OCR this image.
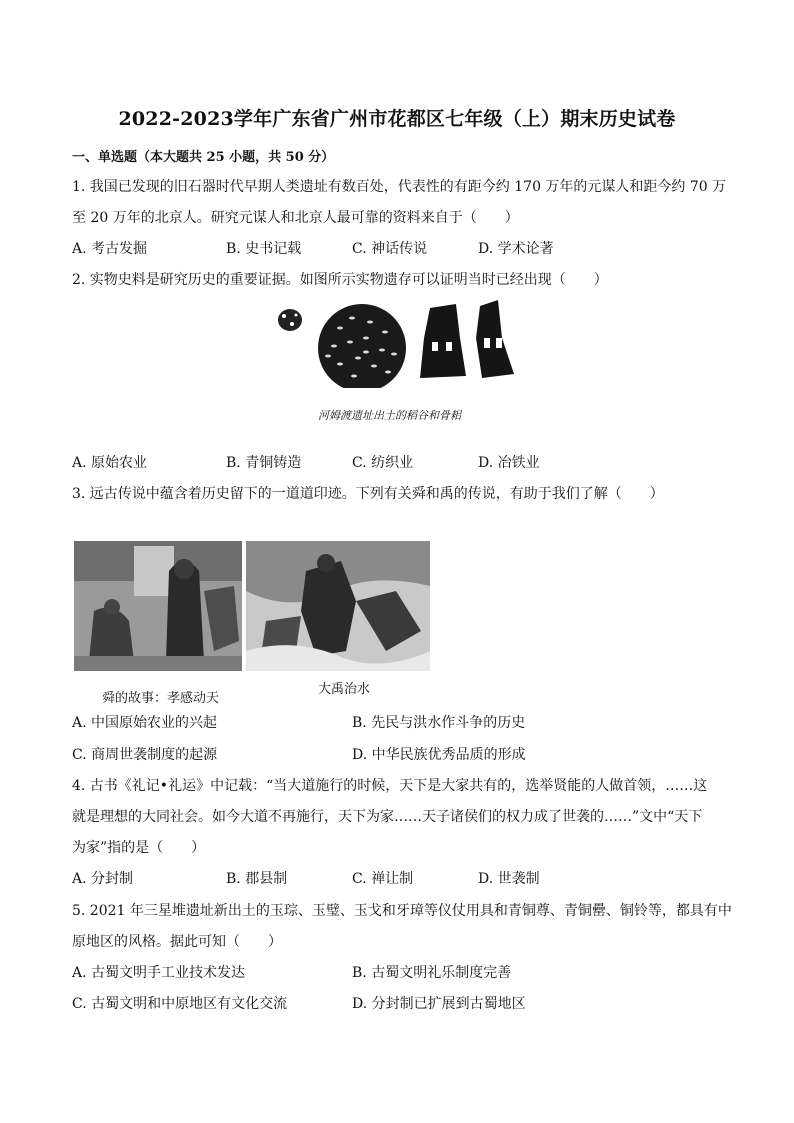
2022-2023学年广东省广州市花都区七年级（上）期末历史试卷
一、单选题（本大题共 25 小题，共 50 分）
1. 我国已发现的旧石器时代早期人类遗址有数百处，代表性的有距今约 170 万年的元谋人和距今约 70 万
至 20 万年的北京人。研究元谋人和北京人最可靠的资料来自于（　　）
A. 考古发掘	B. 史书记载	C. 神话传说	D. 学术论著
2. 实物史料是研究历史的重要证据。如图所示实物遗存可以证明当时已经出现（　　）
河姆渡遗址出土的稻谷和骨耜
A. 原始农业	B. 青铜铸造	C. 纺织业	D. 冶铁业
3. 远古传说中蕴含着历史留下的一道道印迹。下列有关舜和禹的传说，有助于我们了解（　　）
舜的故事：孝感动天
大禹治水
A. 中国原始农业的兴起	B. 先民与洪水作斗争的历史
C. 商周世袭制度的起源	D. 中华民族优秀品质的形成
4. 古书《礼记•礼运》中记载：“当大道施行的时候，天下是大家共有的，选举贤能的人做首领，……这
就是理想的大同社会。如今大道不再施行，天下为家……天子诸侯们的权力成了世袭的……”文中“天下
为家”指的是（　　）
A. 分封制	B. 郡县制	C. 禅让制	D. 世袭制
5. 2021 年三星堆遗址新出土的玉琮、玉璧、玉戈和牙璋等仪仗用具和青铜尊、青铜罍、铜铃等，都具有中
原地区的风格。据此可知（　　）
A. 古蜀文明手工业技术发达	B. 古蜀文明礼乐制度完善
C. 古蜀文明和中原地区有文化交流	D. 分封制已扩展到古蜀地区
